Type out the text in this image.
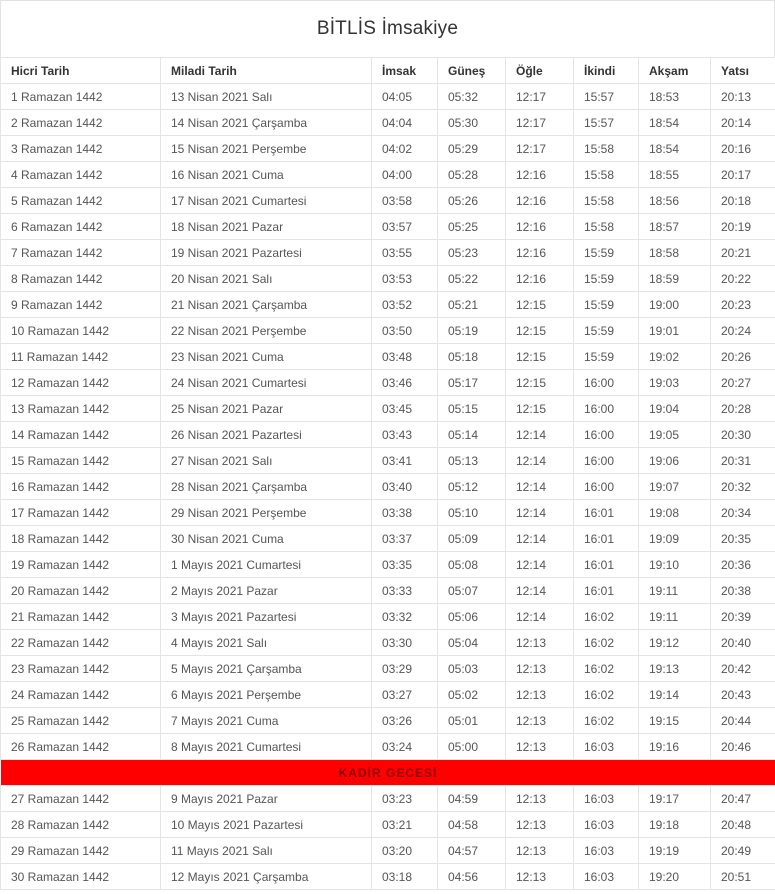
BİTLİS İmsakiye
Hicri Tarih	Miladi Tarih	İmsak	Güneş	Öğle	İkindi	Akşam	Yatsı
1 Ramazan 1442	13 Nisan 2021 Salı	04:05	05:32	12:17	15:57	18:53	20:13
2 Ramazan 1442	14 Nisan 2021 Çarşamba	04:04	05:30	12:17	15:57	18:54	20:14
3 Ramazan 1442	15 Nisan 2021 Perşembe	04:02	05:29	12:17	15:58	18:54	20:16
4 Ramazan 1442	16 Nisan 2021 Cuma	04:00	05:28	12:16	15:58	18:55	20:17
5 Ramazan 1442	17 Nisan 2021 Cumartesi	03:58	05:26	12:16	15:58	18:56	20:18
6 Ramazan 1442	18 Nisan 2021 Pazar	03:57	05:25	12:16	15:58	18:57	20:19
7 Ramazan 1442	19 Nisan 2021 Pazartesi	03:55	05:23	12:16	15:59	18:58	20:21
8 Ramazan 1442	20 Nisan 2021 Salı	03:53	05:22	12:16	15:59	18:59	20:22
9 Ramazan 1442	21 Nisan 2021 Çarşamba	03:52	05:21	12:15	15:59	19:00	20:23
10 Ramazan 1442	22 Nisan 2021 Perşembe	03:50	05:19	12:15	15:59	19:01	20:24
11 Ramazan 1442	23 Nisan 2021 Cuma	03:48	05:18	12:15	15:59	19:02	20:26
12 Ramazan 1442	24 Nisan 2021 Cumartesi	03:46	05:17	12:15	16:00	19:03	20:27
13 Ramazan 1442	25 Nisan 2021 Pazar	03:45	05:15	12:15	16:00	19:04	20:28
14 Ramazan 1442	26 Nisan 2021 Pazartesi	03:43	05:14	12:14	16:00	19:05	20:30
15 Ramazan 1442	27 Nisan 2021 Salı	03:41	05:13	12:14	16:00	19:06	20:31
16 Ramazan 1442	28 Nisan 2021 Çarşamba	03:40	05:12	12:14	16:00	19:07	20:32
17 Ramazan 1442	29 Nisan 2021 Perşembe	03:38	05:10	12:14	16:01	19:08	20:34
18 Ramazan 1442	30 Nisan 2021 Cuma	03:37	05:09	12:14	16:01	19:09	20:35
19 Ramazan 1442	1 Mayıs 2021 Cumartesi	03:35	05:08	12:14	16:01	19:10	20:36
20 Ramazan 1442	2 Mayıs 2021 Pazar	03:33	05:07	12:14	16:01	19:11	20:38
21 Ramazan 1442	3 Mayıs 2021 Pazartesi	03:32	05:06	12:14	16:02	19:11	20:39
22 Ramazan 1442	4 Mayıs 2021 Salı	03:30	05:04	12:13	16:02	19:12	20:40
23 Ramazan 1442	5 Mayıs 2021 Çarşamba	03:29	05:03	12:13	16:02	19:13	20:42
24 Ramazan 1442	6 Mayıs 2021 Perşembe	03:27	05:02	12:13	16:02	19:14	20:43
25 Ramazan 1442	7 Mayıs 2021 Cuma	03:26	05:01	12:13	16:02	19:15	20:44
26 Ramazan 1442	8 Mayıs 2021 Cumartesi	03:24	05:00	12:13	16:03	19:16	20:46
KADİR GECESİ							
27 Ramazan 1442	9 Mayıs 2021 Pazar	03:23	04:59	12:13	16:03	19:17	20:47
28 Ramazan 1442	10 Mayıs 2021 Pazartesi	03:21	04:58	12:13	16:03	19:18	20:48
29 Ramazan 1442	11 Mayıs 2021 Salı	03:20	04:57	12:13	16:03	19:19	20:49
30 Ramazan 1442	12 Mayıs 2021 Çarşamba	03:18	04:56	12:13	16:03	19:20	20:51
